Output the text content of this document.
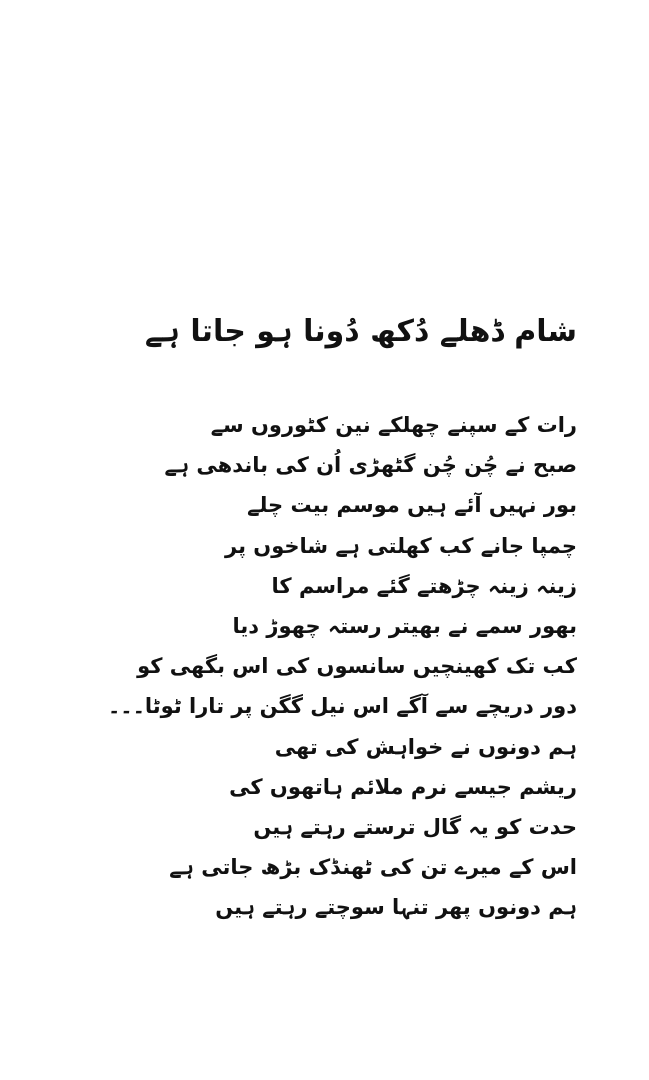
شام ڈھلے دُکھ دُونا ہو جاتا ہے
رات کے سپنے چھلکے نین کٹوروں سے
صبح نے چُن چُن گٹھڑی اُن کی باندھی ہے
بور نہیں آئے ہیں موسم بیت چلے
چمپا جانے کب کھلتی ہے شاخوں پر
زینہ زینہ چڑھتے گئے مراسم کا
بھور سمے نے بھیتر رستہ چھوڑ دیا
کب تک کھینچیں سانسوں کی اس بگھی کو
دور دریچے سے آگے اس نیل گگن پر تارا ٹوٹا۔۔۔
ہم دونوں نے خواہش کی تھی
ریشم جیسے نرم ملائم ہاتھوں کی
حدت کو یہ گال ترستے رہتے ہیں
اس کے میرے تن کی ٹھنڈک بڑھ جاتی ہے
ہم دونوں پھر تنہا سوچتے رہتے ہیں
